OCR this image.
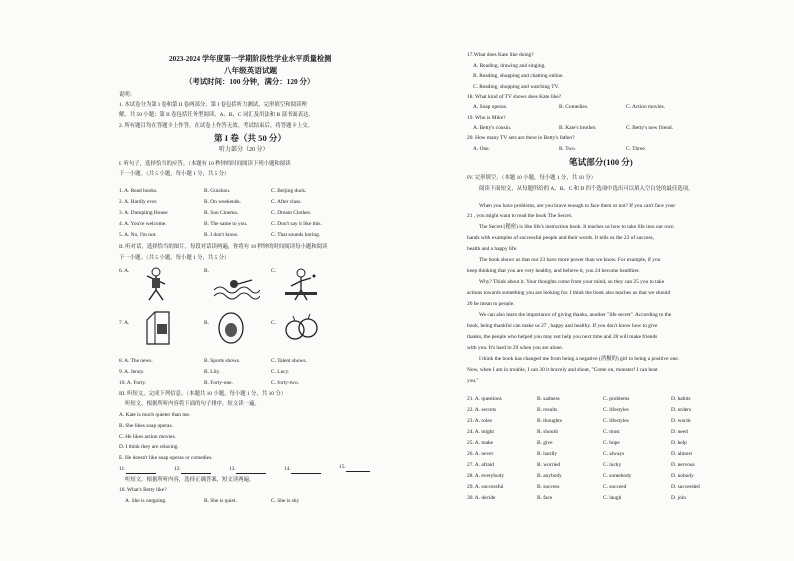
2023-2024 学年度第一学期阶段性学业水平质量检测
八年级英语试题
（考试时间：100 分钟，满分：120 分）
说明：
1. 本试卷分为第 I 卷和第 II 卷两部分。第 I 卷包括听力测试、完形填空和阅读理
解，共 50 小题；第 II 卷包括任务型阅读、A、B、C 词汇及用法和 B 部书面表达。
2. 所有题目均在答题卡上作答，在试卷上作答无效。考试结束后，将答题卡上交。
第 I 卷（共 50 分）
听力部分（20 分）
I. 听句子，选择恰当的应答。（本题有 10 秒钟的时间阅读下列小题和阅读
下一小题。（共 5 小题，每小题 1 分，共 5 分）
1. A. Read books.	B. Guizhou.	C. Beijing duck.
2. A. Hardly ever.	B. On weekends.	C. After class.
3. A. Dumpling House	B. Sun Cinema.	C. Dream Clothes.
4. A. You're welcome.	B. The same to you.	C. Don't say it like this.
5. A. No, I'm not.	B. I don't know.	C. That sounds boring.
II. 听对话，选择恰当的图片。每段对话读两遍，你将有 10 秒钟的时间阅读每小题和阅读
下一小题。（共 5 小题，每小题 1 分，共 5 分）
6. A.	B.	C.
7. A.	B.	C.
8. A. The news.	B. Sports shows.	C. Talent shows.
9. A. Jenny.	B. Lily.	C. Lucy.
10. A. Forty.	B. Forty-one.	C. forty-two.
III. 听短文，完成下列信息。（本题共 10 小题，每小题 1 分，共 10 分）
听短文，根据所听内容将下面的句子排序，短文读一遍。
A. Kate is much quieter than me.
B. She likes soap operas.
C. He likes action movies.
D. I think they are relaxing.
E. He doesn't like soap operas or comedies.
11.	12.	13.	14.	15.
听短文，根据所听内容，选择正确答案，短文读两遍。
16. What's Betty like?
A. She is outgoing.	B. She is quiet.	C. She is shy
17.What does Kate like doing?
A. Reading, drawing and singing.
B. Reading, shopping and chatting online.
C. Reading, shopping and watching TV.
18. What kind of TV shows does Kate like?
A. Soap operas.	B. Comedies.	C. Action movies.
19. Who is Mike?
A. Betty's cousin.	B. Kate's brother.	C. Betty's new friend.
20. How many TV sets are there in Betty's father?
A. One.	B. Two.	C. Three.
笔试部分(100 分)
IV. 完形填空。（本题 10 小题，每小题 1 分，共 10 分）
阅读下面短文，从每题所给的 A、B、C 和 D 四个选项中选出可以填入空白处的最佳选项。
When you have problems, are you brave enough to face them or not? If you can't face your
21 , you might want to read the book The Secret.
The Secret (秘密) is like life's instruction book. It teaches us how to take life into our own
hands with examples of successful people and their words. It tells us the 22 of success,
health and a happy life.
The book shows us that our 23 have more power than we know. For example, if you
keep thinking that you are very healthy, and believe it, you 24 become healthier.
Why? Think about it. Your thoughts come from your mind, so they can 25 you to take
actions towards something you are looking for. I think the book also teaches us that we should
26 be mean to people.
We can also learn the importance of giving thanks, another "life secret". According to the
book, being thankful can make us 27 , happy and healthy. If you don't know how to give
thanks, the people who helped you may not help you next time and 28 will make friends
with you. It's hard to 29 when you are alone.
I think the book has changed me from being a negative (消极的) girl to being a positive one.
Now, when I am in trouble, I can 30 it bravely and shout, "Come on, monster! I can beat
you."
21. A. questions	B. sadness	C. problems	D. habits
22. A. secrets	B. results	C. lifestyles	D. orders
23. A. roles	B. thoughts	C. lifestyles	D. words
24. A. might	B. should	C. must	D. need
25. A. make	B. give	C. hope	D. help
26. A. never	B. hardly	C. always	D. almost
27. A. afraid	B. worried	C. lucky	D. nervous
28. A. everybody	B. anybody	C. somebody	D. nobody
29. A. successful	B. success	C. succeed	D. succeeded
30. A. decide	B. face	C. laugh	D. join
